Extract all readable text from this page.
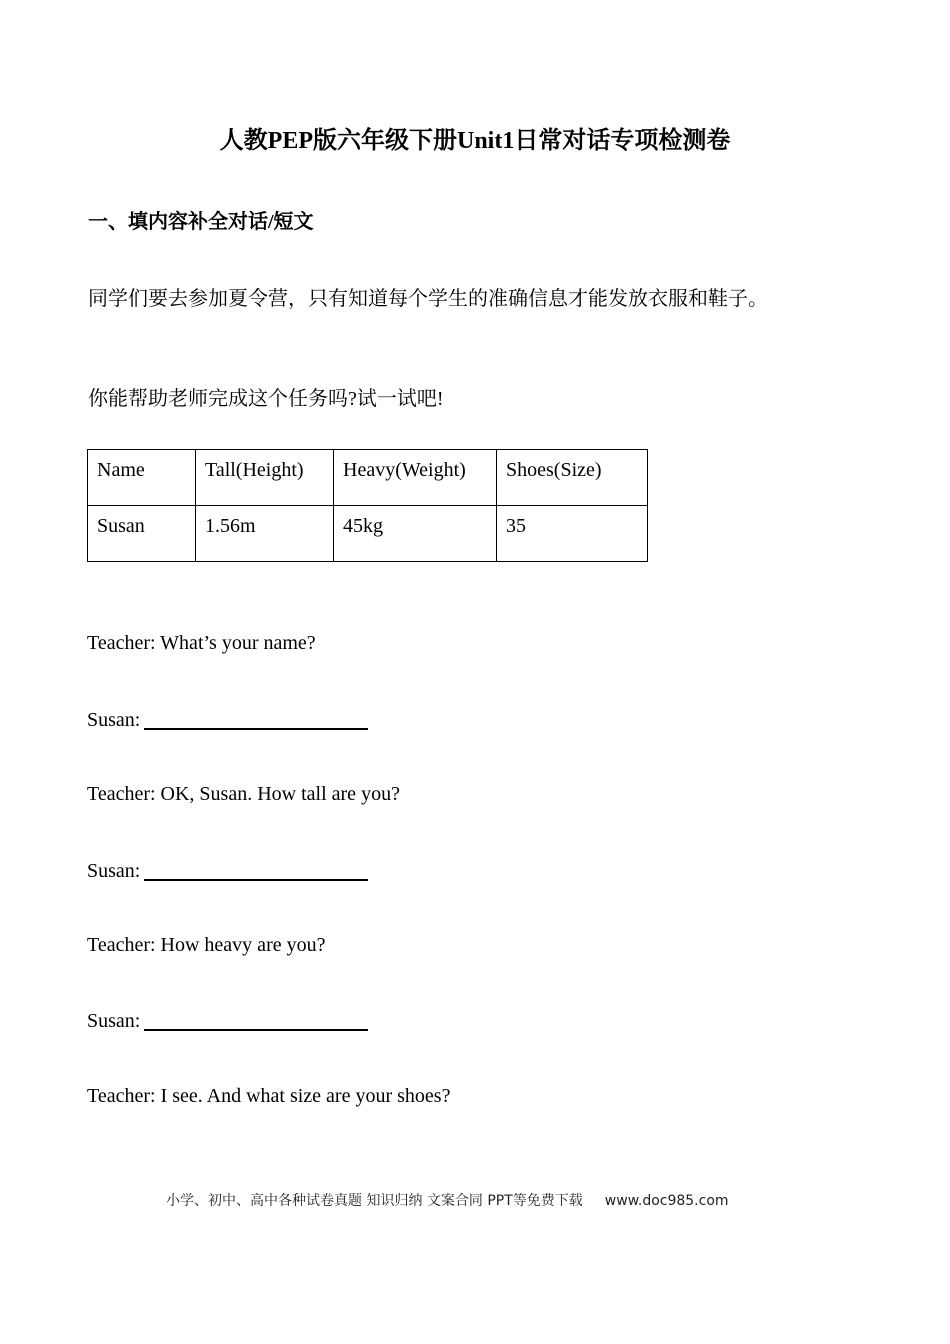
人教PEP版六年级下册Unit1日常对话专项检测卷
一、填内容补全对话/短文
同学们要去参加夏令营，只有知道每个学生的准确信息才能发放衣服和鞋子。
你能帮助老师完成这个任务吗?试一试吧!
Name	Tall(Height)	Heavy(Weight)	Shoes(Size)
Susan	1.56m	45kg	35
Teacher: What’s your name?
Susan:
Teacher: OK, Susan. How tall are you?
Susan:
Teacher: How heavy are you?
Susan:
Teacher: I see. And what size are your shoes?
小学、初中、高中各种试卷真题 知识归纳 文案合同 PPT等免费下载 www.doc985.com
